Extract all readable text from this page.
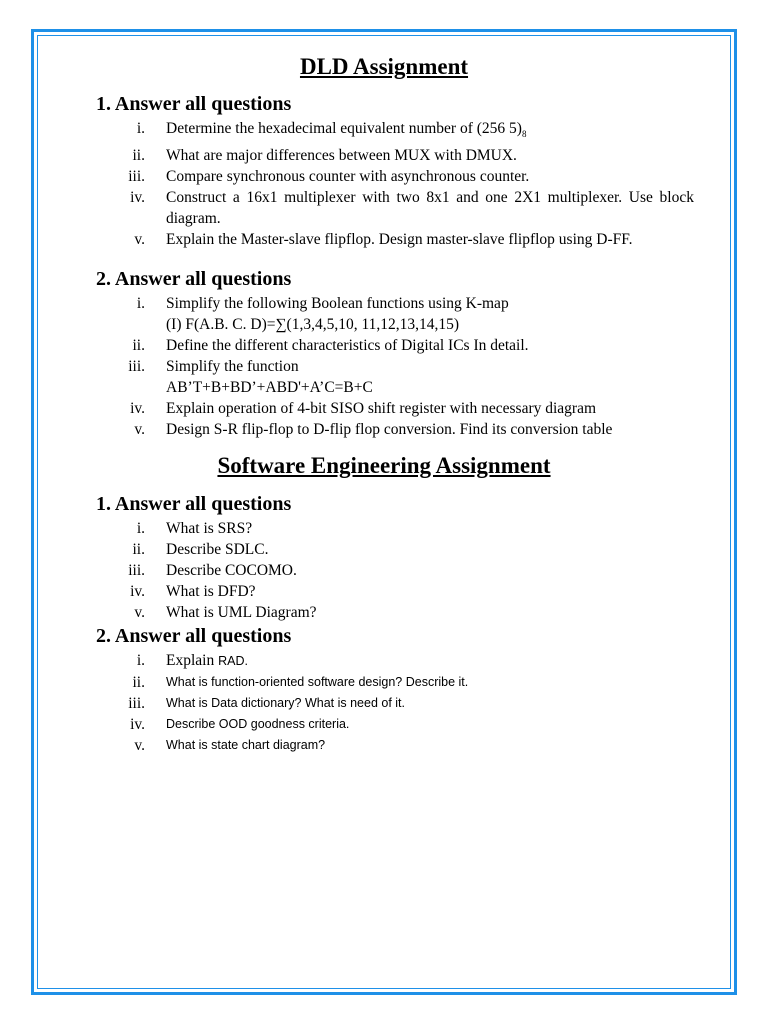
DLD Assignment
1. Answer all questions
i. Determine the hexadecimal equivalent number of (256 $5)_8$
ii. What are major differences between MUX with DMUX.
iii. Compare synchronous counter with asynchronous counter.
iv. Construct a 16x1 multiplexer with two 8x1 and one 2X1 multiplexer. Use block diagram.
v. Explain the Master-slave flipflop. Design master-slave flipflop using D-FF.
2. Answer all questions
i. Simplify the following Boolean functions using K-map
(I) F(A.B. C. D)=∑(1,3,4,5,10, 11,12,13,14,15)
ii. Define the different characteristics of Digital ICs In detail.
iii. Simplify the function
AB’T+B+BD’+ABD'+A’C=B+C
iv. Explain operation of 4-bit SISO shift register with necessary diagram
v. Design S-R flip-flop to D-flip flop conversion. Find its conversion table
Software Engineering Assignment
1. Answer all questions
i. What is SRS?
ii. Describe SDLC.
iii. Describe COCOMO.
iv. What is DFD?
v. What is UML Diagram?
2. Answer all questions
i. Explain RAD.
ii. What is function-oriented software design? Describe it.
iii. What is Data dictionary? What is need of it.
iv. Describe OOD goodness criteria.
v. What is state chart diagram?
